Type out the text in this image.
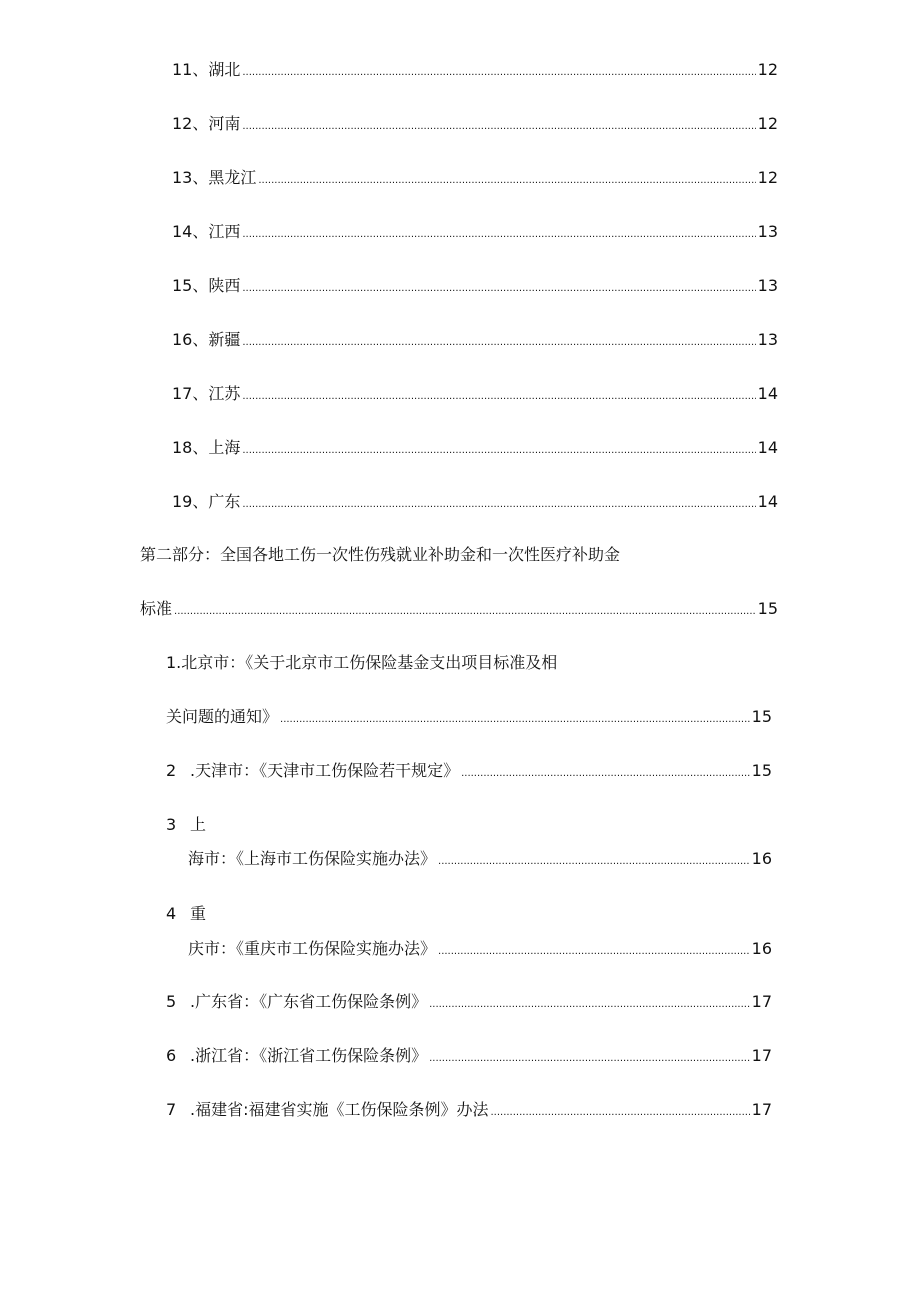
11、湖北 .....	12
12、河南 .....	12
13、黑龙江 .....	12
14、江西 .....	13
15、陕西 .....	13
16、新疆 .....	13
17、江苏 .....	14
18、上海 .....	14
19、广东 .....	14
第二部分：全国各地工伤一次性伤残就业补助金和一次性医疗补助金
标准 .....	15
1.北京市：《关于北京市工伤保险基金支出项目标准及相
关问题的通知》 .....	15
2 .天津市：《天津市工伤保险若干规定》 .....	15
3 上
海市：《上海市工伤保险实施办法》 .....	16
4 重
庆市：《重庆市工伤保险实施办法》 .....	16
5 .广东省：《广东省工伤保险条例》 .....	17
6 .浙江省：《浙江省工伤保险条例》 .....	17
7 .福建省:福建省实施《工伤保险条例》办法 .....	17
